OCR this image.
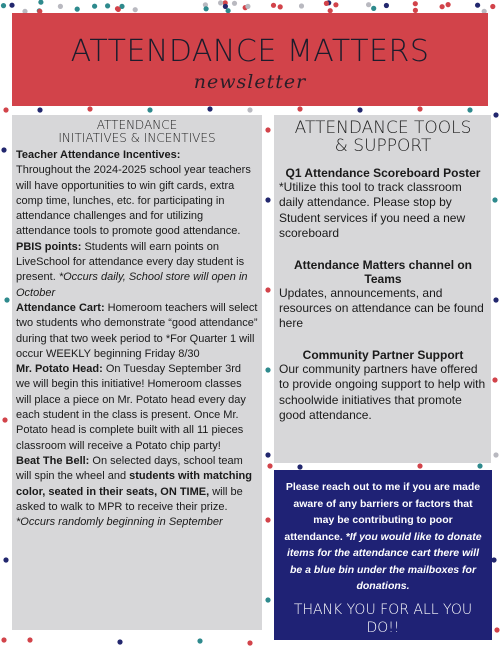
ATTENDANCE MATTERS
newsletter
ATTENDANCE
INITIATIVES & INCENTIVES

Teacher Attendance Incentives:
Throughout the 2024-2025 school year teachers will have opportunities to win gift cards, extra comp time, lunches, etc. for participating in attendance challenges and for utilizing attendance tools to promote good attendance.

PBIS points: Students will earn points on LiveSchool for attendance every day student is present. *Occurs daily, School store will open in October

Attendance Cart: Homeroom teachers will select two students who demonstrate “good attendance” during that two week period to *For Quarter 1 will occur WEEKLY beginning Friday 8/30

Mr. Potato Head: On Tuesday September 3rd we will begin this initiative! Homeroom classes will place a piece on Mr. Potato head every day each student in the class is present. Once Mr. Potato head is complete built with all 11 pieces classroom will receive a Potato chip party!

Beat The Bell: On selected days, school team will spin the wheel and students with matching color, seated in their seats, ON TIME, will be asked to walk to MPR to receive their prize. *Occurs randomly beginning in September

ATTENDANCE TOOLS
& SUPPORT
Q1 Attendance Scoreboard Poster

*Utilize this tool to track classroom daily attendance. Please stop by Student services if you need a new scoreboard

Attendance Matters channel on Teams

Updates, announcements, and resources on attendance can be found here

Community Partner Support

Our community partners have offered to provide ongoing support to help with schoolwide initiatives that promote good attendance.

Please reach out to me if you are made aware of any barriers or factors that may be contributing to poor attendance. *If you would like to donate items for the attendance cart there will be a blue bin under the mailboxes for donations.

THANK YOU FOR ALL YOU DO!!
